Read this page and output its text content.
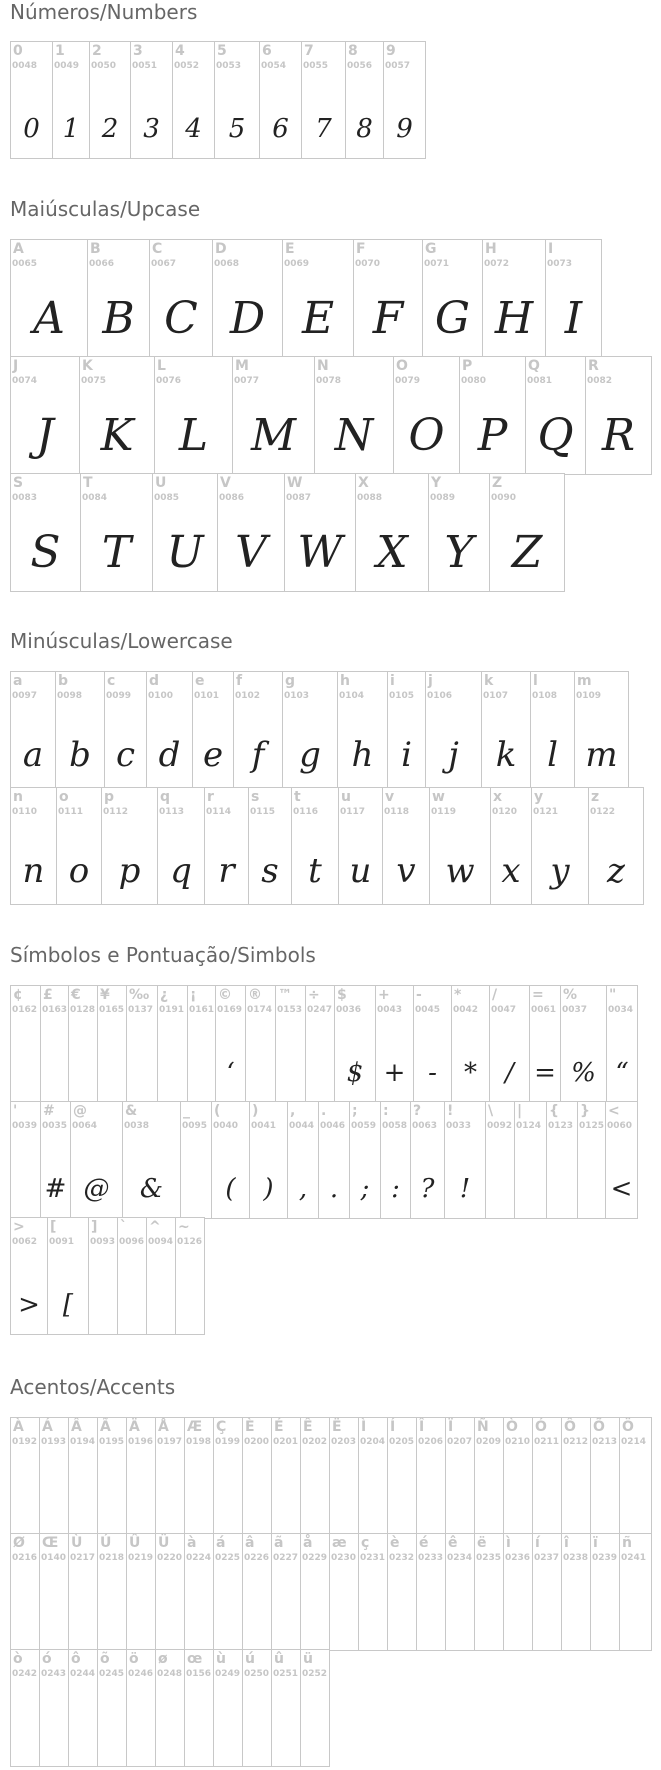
Números/Numbers
0
0048
0
1
0049
1
2
0050
2
3
0051
3
4
0052
4
5
0053
5
6
0054
6
7
0055
7
8
0056
8
9
0057
9
Maiúsculas/Upcase
A
0065
A
B
0066
B
C
0067
C
D
0068
D
E
0069
E
F
0070
F
G
0071
G
H
0072
H
I
0073
I
J
0074
J
K
0075
K
L
0076
L
M
0077
M
N
0078
N
O
0079
O
P
0080
P
Q
0081
Q
R
0082
R
S
0083
S
T
0084
T
U
0085
U
V
0086
V
W
0087
W
X
0088
X
Y
0089
Y
Z
0090
Z
Minúsculas/Lowercase
a
0097
a
b
0098
b
c
0099
c
d
0100
d
e
0101
e
f
0102
f
g
0103
g
h
0104
h
i
0105
i
j
0106
j
k
0107
k
l
0108
l
m
0109
m
n
0110
n
o
0111
o
p
0112
p
q
0113
q
r
0114
r
s
0115
s
t
0116
t
u
0117
u
v
0118
v
w
0119
w
x
0120
x
y
0121
y
z
0122
z
Símbolos e Pontuação/Simbols
¢
0162
£
0163
€
0128
¥
0165
‰
0137
¿
0191
¡
0161
©
0169
‘
®
0174
™
0153
÷
0247
$
0036
$
+
0043
+
-
0045
-
*
0042
*
/
0047
/
=
0061
=
%
0037
%
"
0034
“
'
0039
#
0035
#
@
0064
@
&
0038
&
_
0095
(
0040
(
)
0041
)
,
0044
,
.
0046
.
;
0059
;
:
0058
:
?
0063
?
!
0033
!
\
0092
|
0124
{
0123
}
0125
<
0060
<
>
0062
>
[
0091
[
]
0093
`
0096
^
0094
~
0126
Acentos/Accents
À
0192
Á
0193
Â
0194
Ã
0195
Ä
0196
Å
0197
Æ
0198
Ç
0199
È
0200
É
0201
Ê
0202
Ë
0203
Ì
0204
Í
0205
Î
0206
Ï
0207
Ñ
0209
Ò
0210
Ó
0211
Ô
0212
Õ
0213
Ö
0214
Ø
0216
Œ
0140
Ù
0217
Ú
0218
Û
0219
Ü
0220
à
0224
á
0225
â
0226
ã
0227
å
0229
æ
0230
ç
0231
è
0232
é
0233
ê
0234
ë
0235
ì
0236
í
0237
î
0238
ï
0239
ñ
0241
ò
0242
ó
0243
ô
0244
õ
0245
ö
0246
ø
0248
œ
0156
ù
0249
ú
0250
û
0251
ü
0252
